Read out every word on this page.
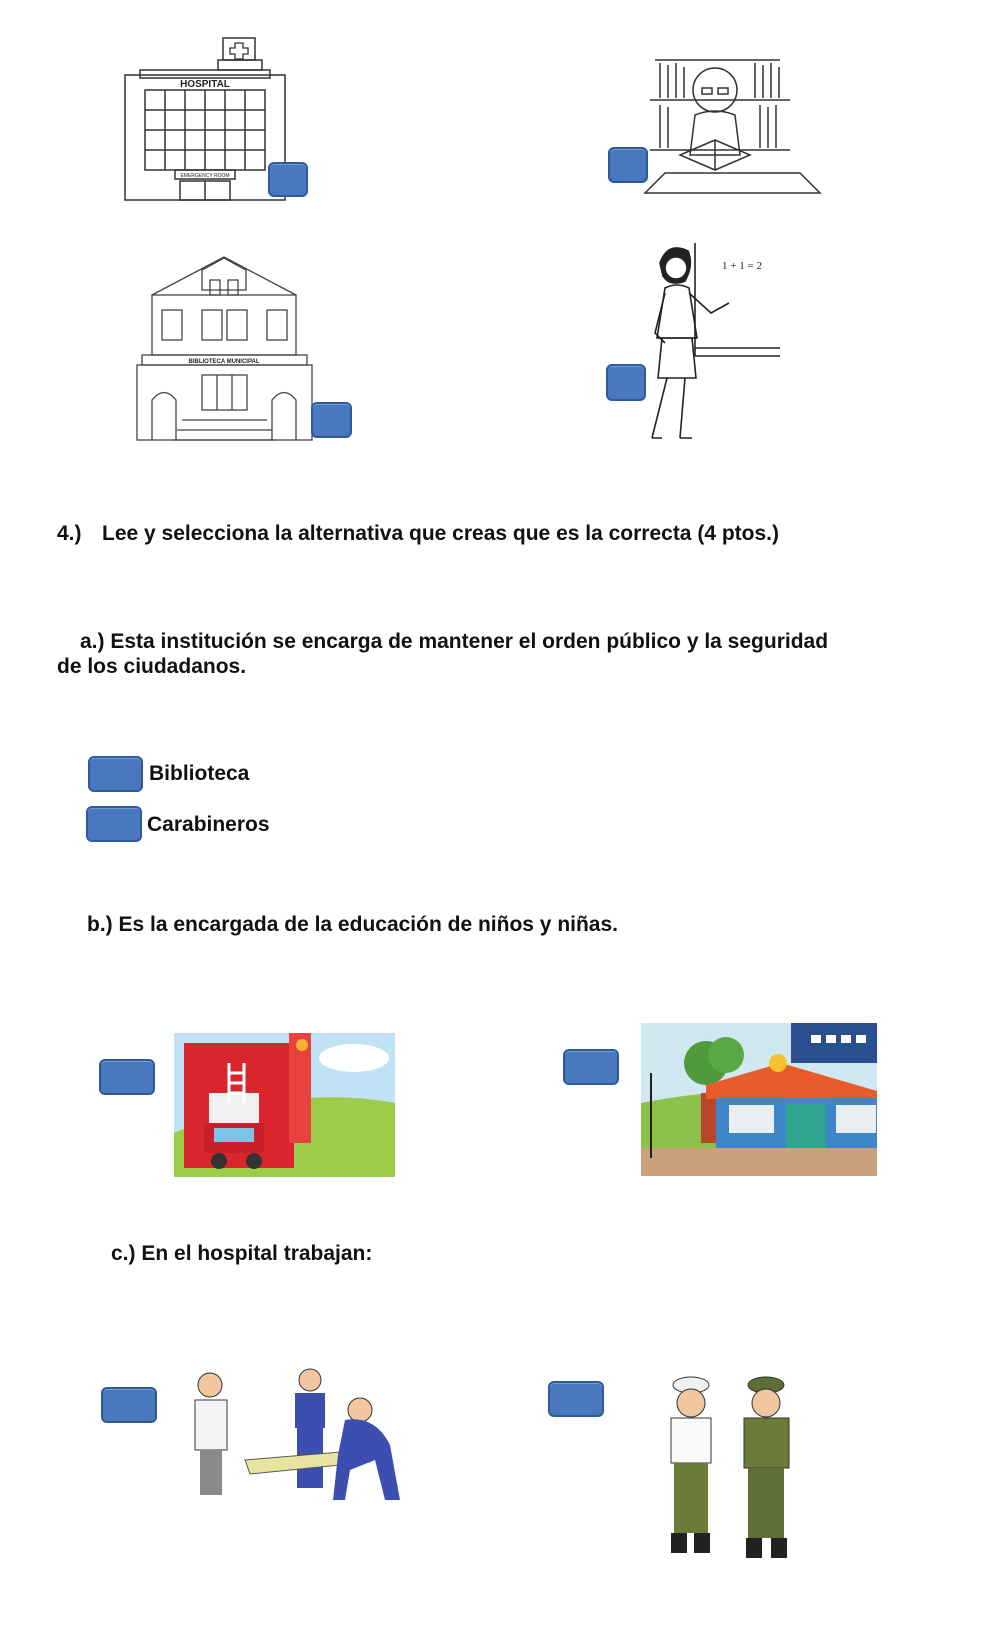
HOSPITAL
EMERGENCY ROOM
BIBLIOTECA MUNICIPAL
1 + 1 = 2
4.) Lee y selecciona la alternativa que creas que es la correcta (4 ptos.)
a.) Esta institución se encarga de mantener el orden público y la seguridad
de los ciudadanos.
Biblioteca
Carabineros
b.) Es la encargada de la educación de niños y niñas.
c.) En el hospital trabajan:
